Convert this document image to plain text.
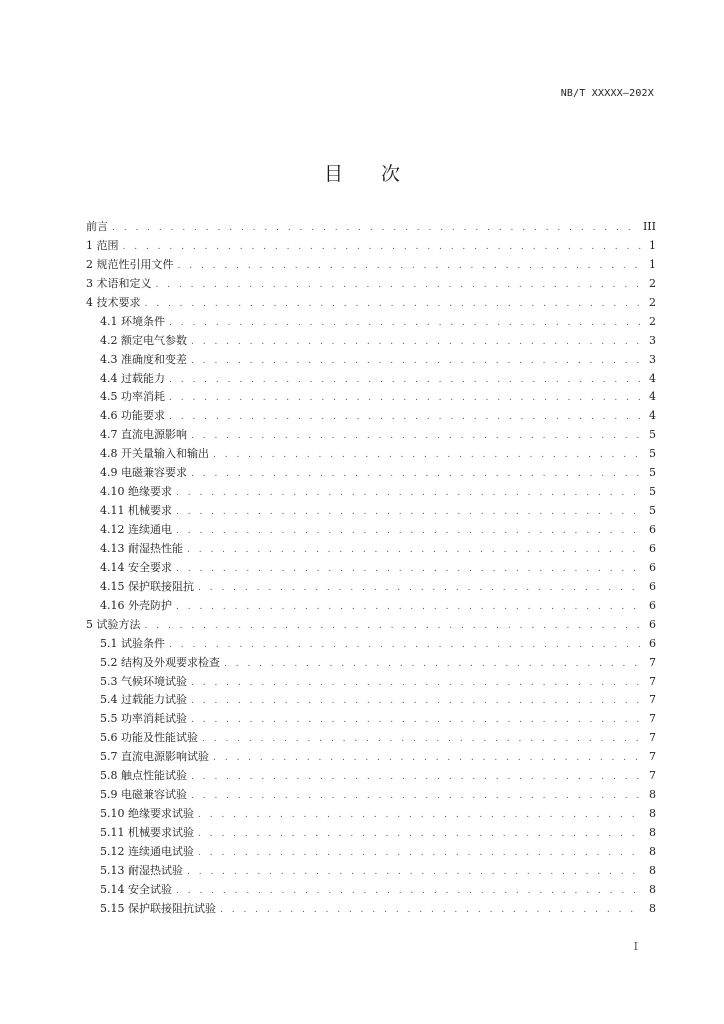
NB/T XXXXX—202X
目次
前言 . . .	III
1 范围 . . .	1
2 规范性引用文件 . . .	1
3 术语和定义 . . .	2
4 技术要求 . . .	2
4.1 环境条件 . . .	2
4.2 额定电气参数 . . .	3
4.3 准确度和变差 . . .	3
4.4 过载能力 . . .	4
4.5 功率消耗 . . .	4
4.6 功能要求 . . .	4
4.7 直流电源影响 . . .	5
4.8 开关量输入和输出 . . .	5
4.9 电磁兼容要求 . . .	5
4.10 绝缘要求 . . .	5
4.11 机械要求 . . .	5
4.12 连续通电 . . .	6
4.13 耐湿热性能 . . .	6
4.14 安全要求 . . .	6
4.15 保护联接阻抗 . . .	6
4.16 外壳防护 . . .	6
5 试验方法 . . .	6
5.1 试验条件 . . .	6
5.2 结构及外观要求检查 . . .	7
5.3 气候环境试验 . . .	7
5.4 过载能力试验 . . .	7
5.5 功率消耗试验 . . .	7
5.6 功能及性能试验 . . .	7
5.7 直流电源影响试验 . . .	7
5.8 触点性能试验 . . .	7
5.9 电磁兼容试验 . . .	8
5.10 绝缘要求试验 . . .	8
5.11 机械要求试验 . . .	8
5.12 连续通电试验 . . .	8
5.13 耐湿热试验 . . .	8
5.14 安全试验 . . .	8
5.15 保护联接阻抗试验 . . .	8
I
